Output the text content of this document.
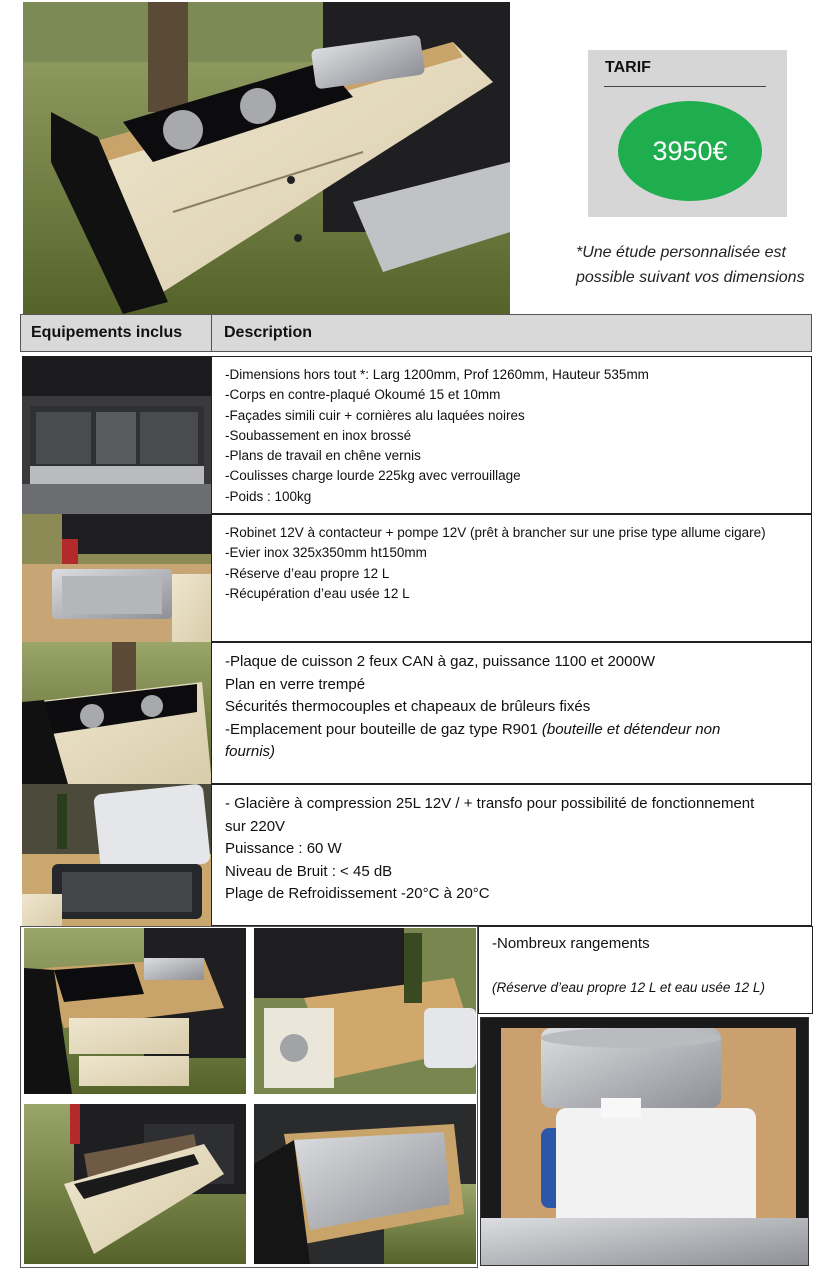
TARIF
3950€
*Une étude personnalisée est
possible suivant vos dimensions
Equipements inclus	Description
-Dimensions hors tout *: Larg 1200mm, Prof 1260mm, Hauteur 535mm
-Corps en contre-plaqué Okoumé 15 et 10mm
-Façades simili cuir + cornières alu laquées noires
-Soubassement en inox brossé
-Plans de travail en chêne vernis
-Coulisses charge lourde 225kg avec verrouillage
-Poids : 100kg
-Robinet 12V à contacteur + pompe 12V (prêt à brancher sur une prise type allume cigare)
-Evier inox 325x350mm ht150mm
-Réserve d’eau propre 12 L
-Récupération d’eau usée 12 L
-Plaque de cuisson 2 feux CAN à gaz, puissance 1100 et 2000W
Plan en verre trempé
Sécurités thermocouples et chapeaux de brûleurs fixés
-Emplacement pour bouteille de gaz type R901 (bouteille et détendeur non
fournis)
- Glacière à compression 25L 12V / + transfo pour possibilité de fonctionnement
sur 220V
Puissance : 60 W
Niveau de Bruit : < 45 dB
Plage de Refroidissement -20°C à 20°C
-Nombreux rangements
(Réserve d’eau propre 12 L et eau usée 12 L)
